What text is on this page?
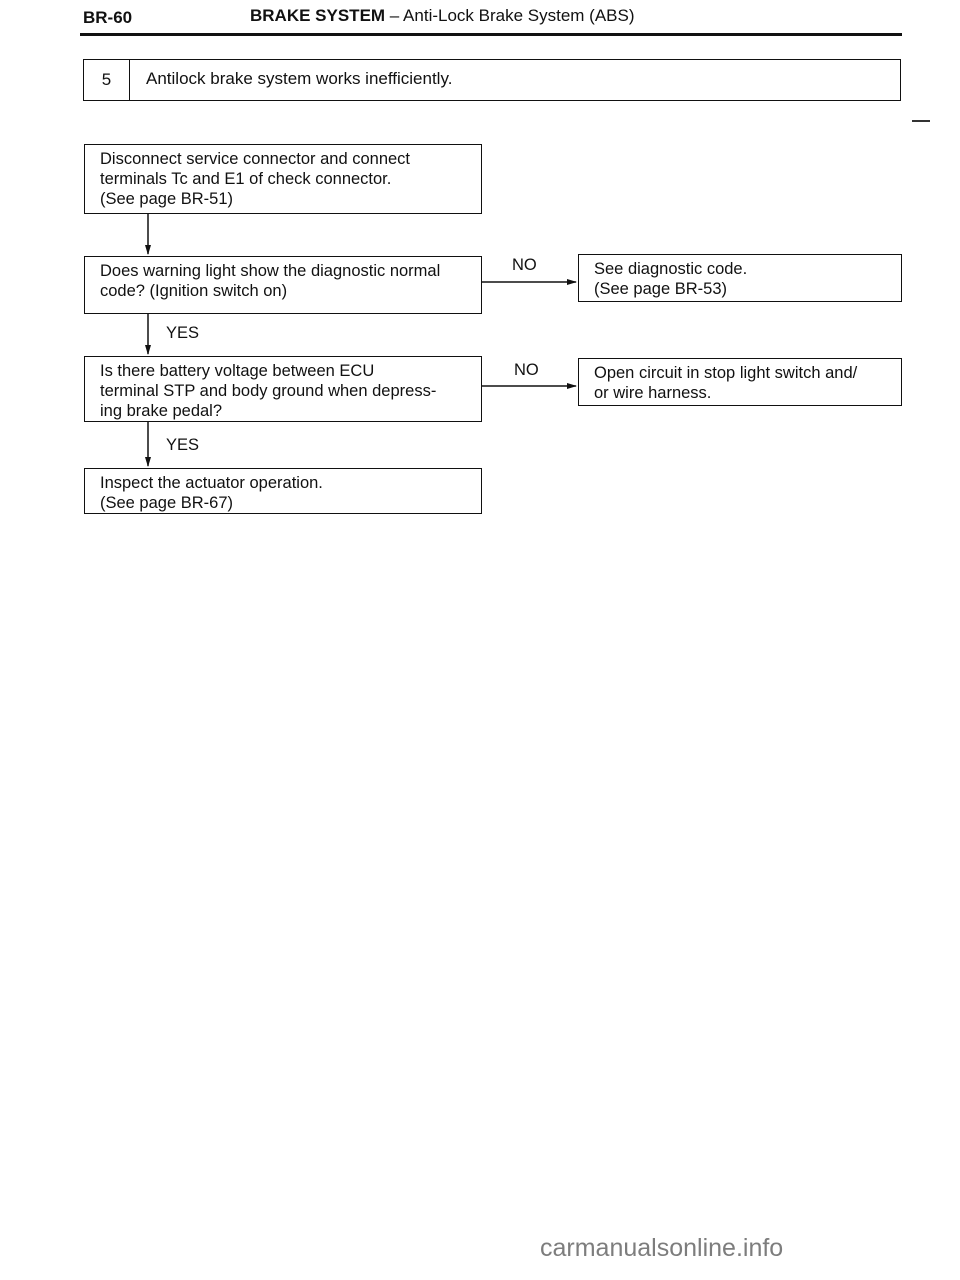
BR-60	BRAKE SYSTEM – Anti-Lock Brake System (ABS)
5	Antilock brake system works inefficiently.
Disconnect service connector and connect
terminals Tc and E1 of check connector.
(See page BR-51)
Does warning light show the diagnostic normal
code? (Ignition switch on)
Is there battery voltage between ECU
terminal STP and body ground when depress-
ing brake pedal?
Inspect the actuator operation.
(See page BR-67)
See diagnostic code.
(See page BR-53)
Open circuit in stop light switch and/
or wire harness.
YES
YES
NO
NO
carmanualsonline.info
